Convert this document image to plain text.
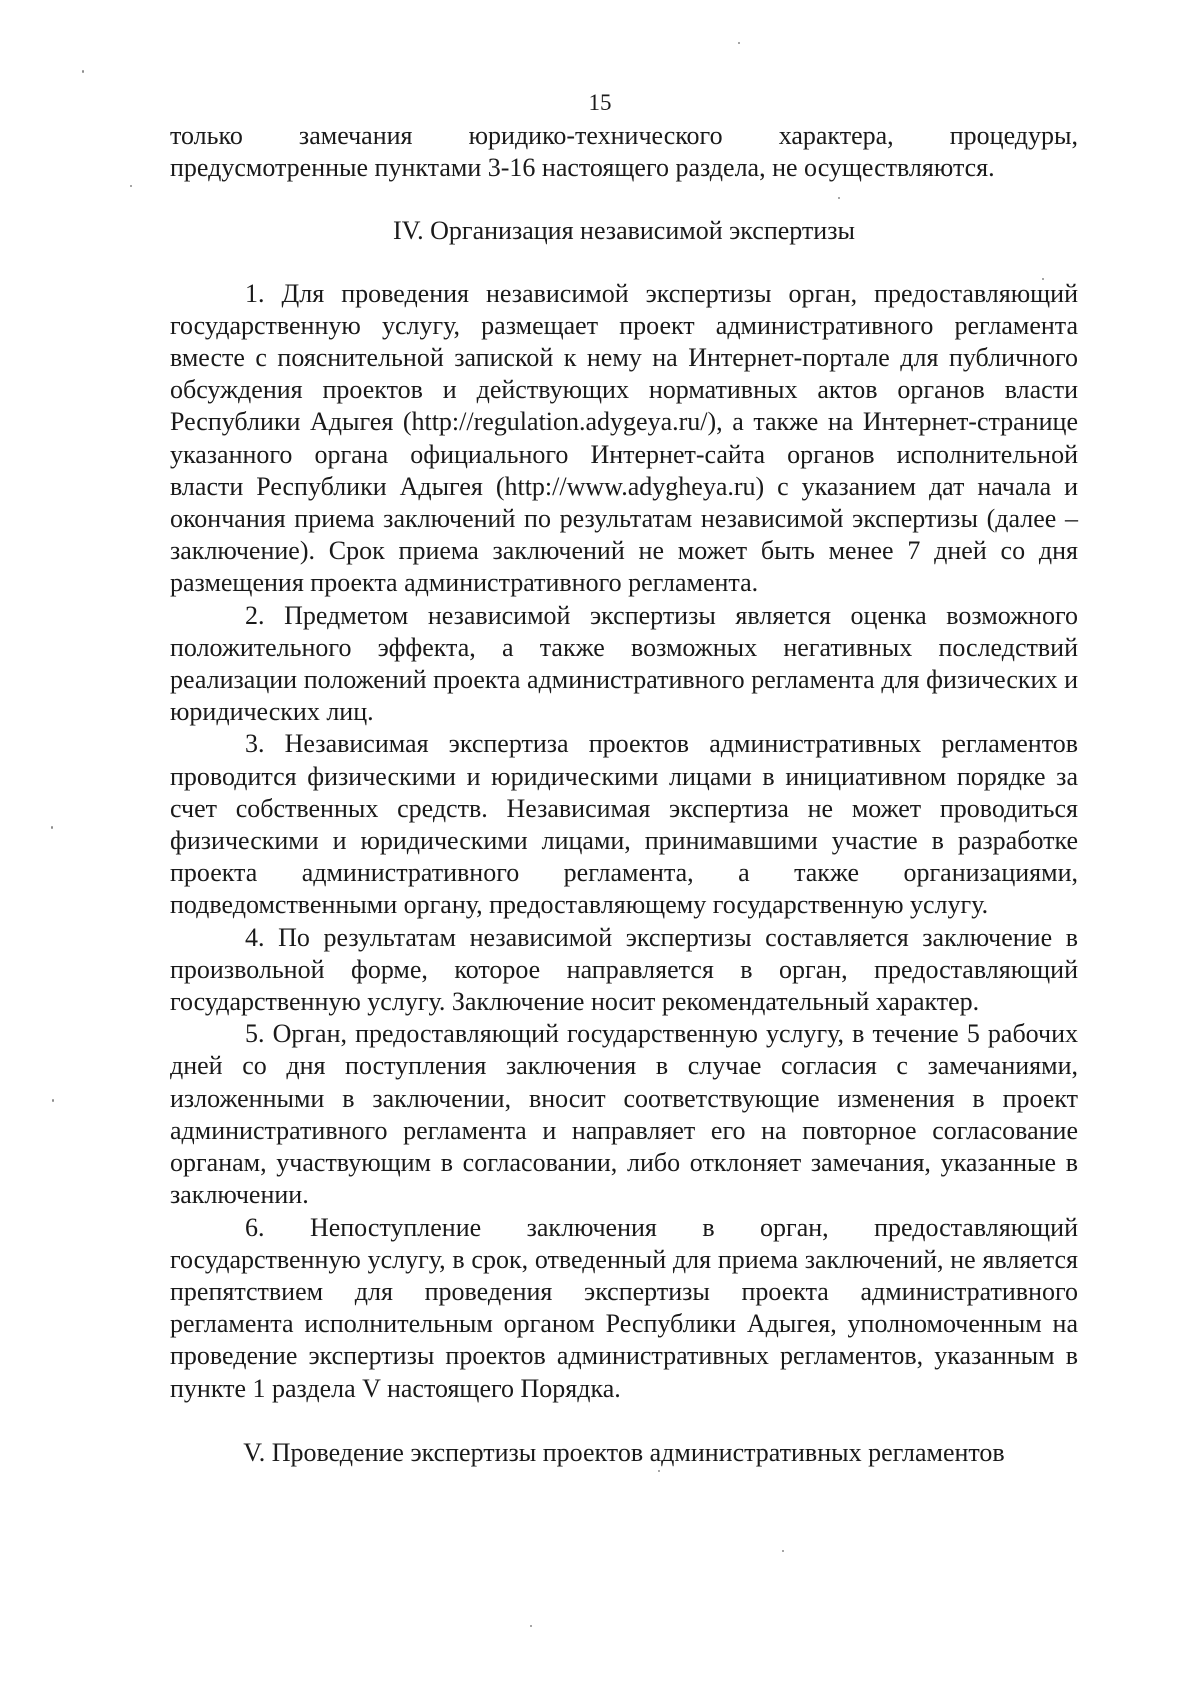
15

только замечания юридико-технического характера, процедуры, предусмотренные пунктами 3-16 настоящего раздела, не осуществляются.

IV. Организация независимой экспертизы

1. Для проведения независимой экспертизы орган, предоставляющий государственную услугу, размещает проект административного регламента вместе с пояснительной запиской к нему на Интернет-портале для публичного обсуждения проектов и действующих нормативных актов органов власти Республики Адыгея (http://regulation.adygeya.ru/), а также на Интернет-странице указанного органа официального Интернет-сайта органов исполнительной власти Республики Адыгея (http://www.adygheya.ru) с указанием дат начала и окончания приема заключений по результатам независимой экспертизы (далее – заключение). Срок приема заключений не может быть менее 7 дней со дня размещения проекта административного регламента.

2. Предметом независимой экспертизы является оценка возможного положительного эффекта, а также возможных негативных последствий реализации положений проекта административного регламента для физических и юридических лиц.

3. Независимая экспертиза проектов административных регламентов проводится физическими и юридическими лицами в инициативном порядке за счет собственных средств. Независимая экспертиза не может проводиться физическими и юридическими лицами, принимавшими участие в разработке проекта административного регламента, а также организациями, подведомственными органу, предоставляющему государственную услугу.

4. По результатам независимой экспертизы составляется заключение в произвольной форме, которое направляется в орган, предоставляющий государственную услугу. Заключение носит рекомендательный характер.

5. Орган, предоставляющий государственную услугу, в течение 5 рабочих дней со дня поступления заключения в случае согласия с замечаниями, изложенными в заключении, вносит соответствующие изменения в проект административного регламента и направляет его на повторное согласование органам, участвующим в согласовании, либо отклоняет замечания, указанные в заключении.

6. Непоступление заключения в орган, предоставляющий государственную услугу, в срок, отведенный для приема заключений, не является препятствием для проведения экспертизы проекта административного регламента исполнительным органом Республики Адыгея, уполномоченным на проведение экспертизы проектов административных регламентов, указанным в пункте 1 раздела V настоящего Порядка.

V. Проведение экспертизы проектов административных регламентов
